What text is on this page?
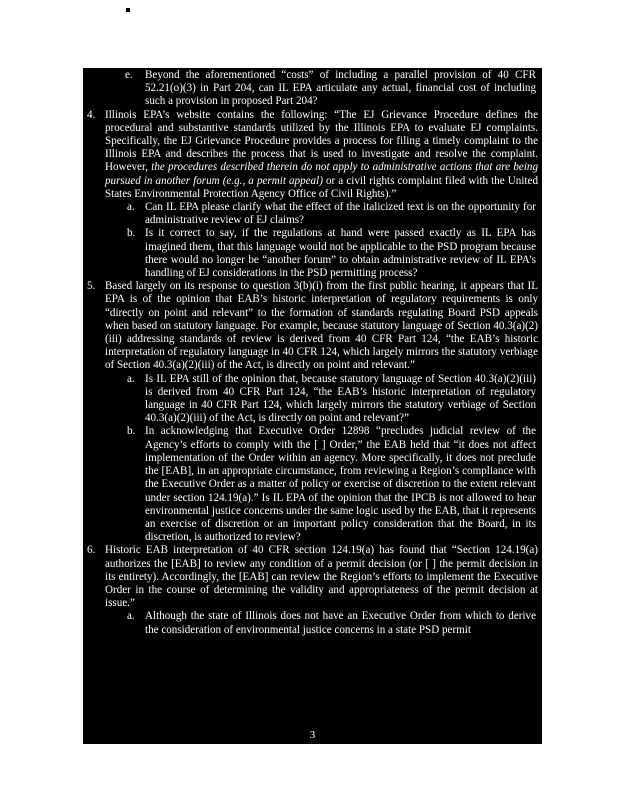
e. Beyond the aforementioned “costs” of including a parallel provision of 40 CFR 52.21(o)(3) in Part 204, can IL EPA articulate any actual, financial cost of including such a provision in proposed Part 204?
4. Illinois EPA’s website contains the following: “The EJ Grievance Procedure defines the procedural and substantive standards utilized by the Illinois EPA to evaluate EJ complaints. Specifically, the EJ Grievance Procedure provides a process for filing a timely complaint to the Illinois EPA and describes the process that is used to investigate and resolve the complaint. However, the procedures described therein do not apply to administrative actions that are being pursued in another forum (e.g., a permit appeal) or a civil rights complaint filed with the United States Environmental Protection Agency Office of Civil Rights).”
a. Can IL EPA please clarify what the effect of the italicized text is on the opportunity for administrative review of EJ claims?
b. Is it correct to say, if the regulations at hand were passed exactly as IL EPA has imagined them, that this language would not be applicable to the PSD program because there would no longer be “another forum” to obtain administrative review of IL EPA’s handling of EJ considerations in the PSD permitting process?
5. Based largely on its response to question 3(b)(i) from the first public hearing, it appears that IL EPA is of the opinion that EAB’s historic interpretation of regulatory requirements is only “directly on point and relevant” to the formation of standards regulating Board PSD appeals when based on statutory language. For example, because statutory language of Section 40.3(a)(2)(iii) addressing standards of review is derived from 40 CFR Part 124, “the EAB’s historic interpretation of regulatory language in 40 CFR 124, which largely mirrors the statutory verbiage of Section 40.3(a)(2)(iii) of the Act, is directly on point and relevant.”
a. Is IL EPA still of the opinion that, because statutory language of Section 40.3(a)(2)(iii) is derived from 40 CFR Part 124, “the EAB’s historic interpretation of regulatory language in 40 CFR Part 124, which largely mirrors the statutory verbiage of Section 40.3(a)(2)(iii) of the Act, is directly on point and relevant?”
b. In acknowledging that Executive Order 12898 “precludes judicial review of the Agency’s efforts to comply with the [ ] Order,” the EAB held that “it does not affect implementation of the Order within an agency. More specifically, it does not preclude the [EAB], in an appropriate circumstance, from reviewing a Region’s compliance with the Executive Order as a matter of policy or exercise of discretion to the extent relevant under section 124.19(a).” Is IL EPA of the opinion that the IPCB is not allowed to hear environmental justice concerns under the same logic used by the EAB, that it represents an exercise of discretion or an important policy consideration that the Board, in its discretion, is authorized to review?
6. Historic EAB interpretation of 40 CFR section 124.19(a) has found that “Section 124.19(a) authorizes the [EAB] to review any condition of a permit decision (or [ ] the permit decision in its entirety). Accordingly, the [EAB] can review the Region’s efforts to implement the Executive Order in the course of determining the validity and appropriateness of the permit decision at issue.”
a. Although the state of Illinois does not have an Executive Order from which to derive the consideration of environmental justice concerns in a state PSD permit
3
